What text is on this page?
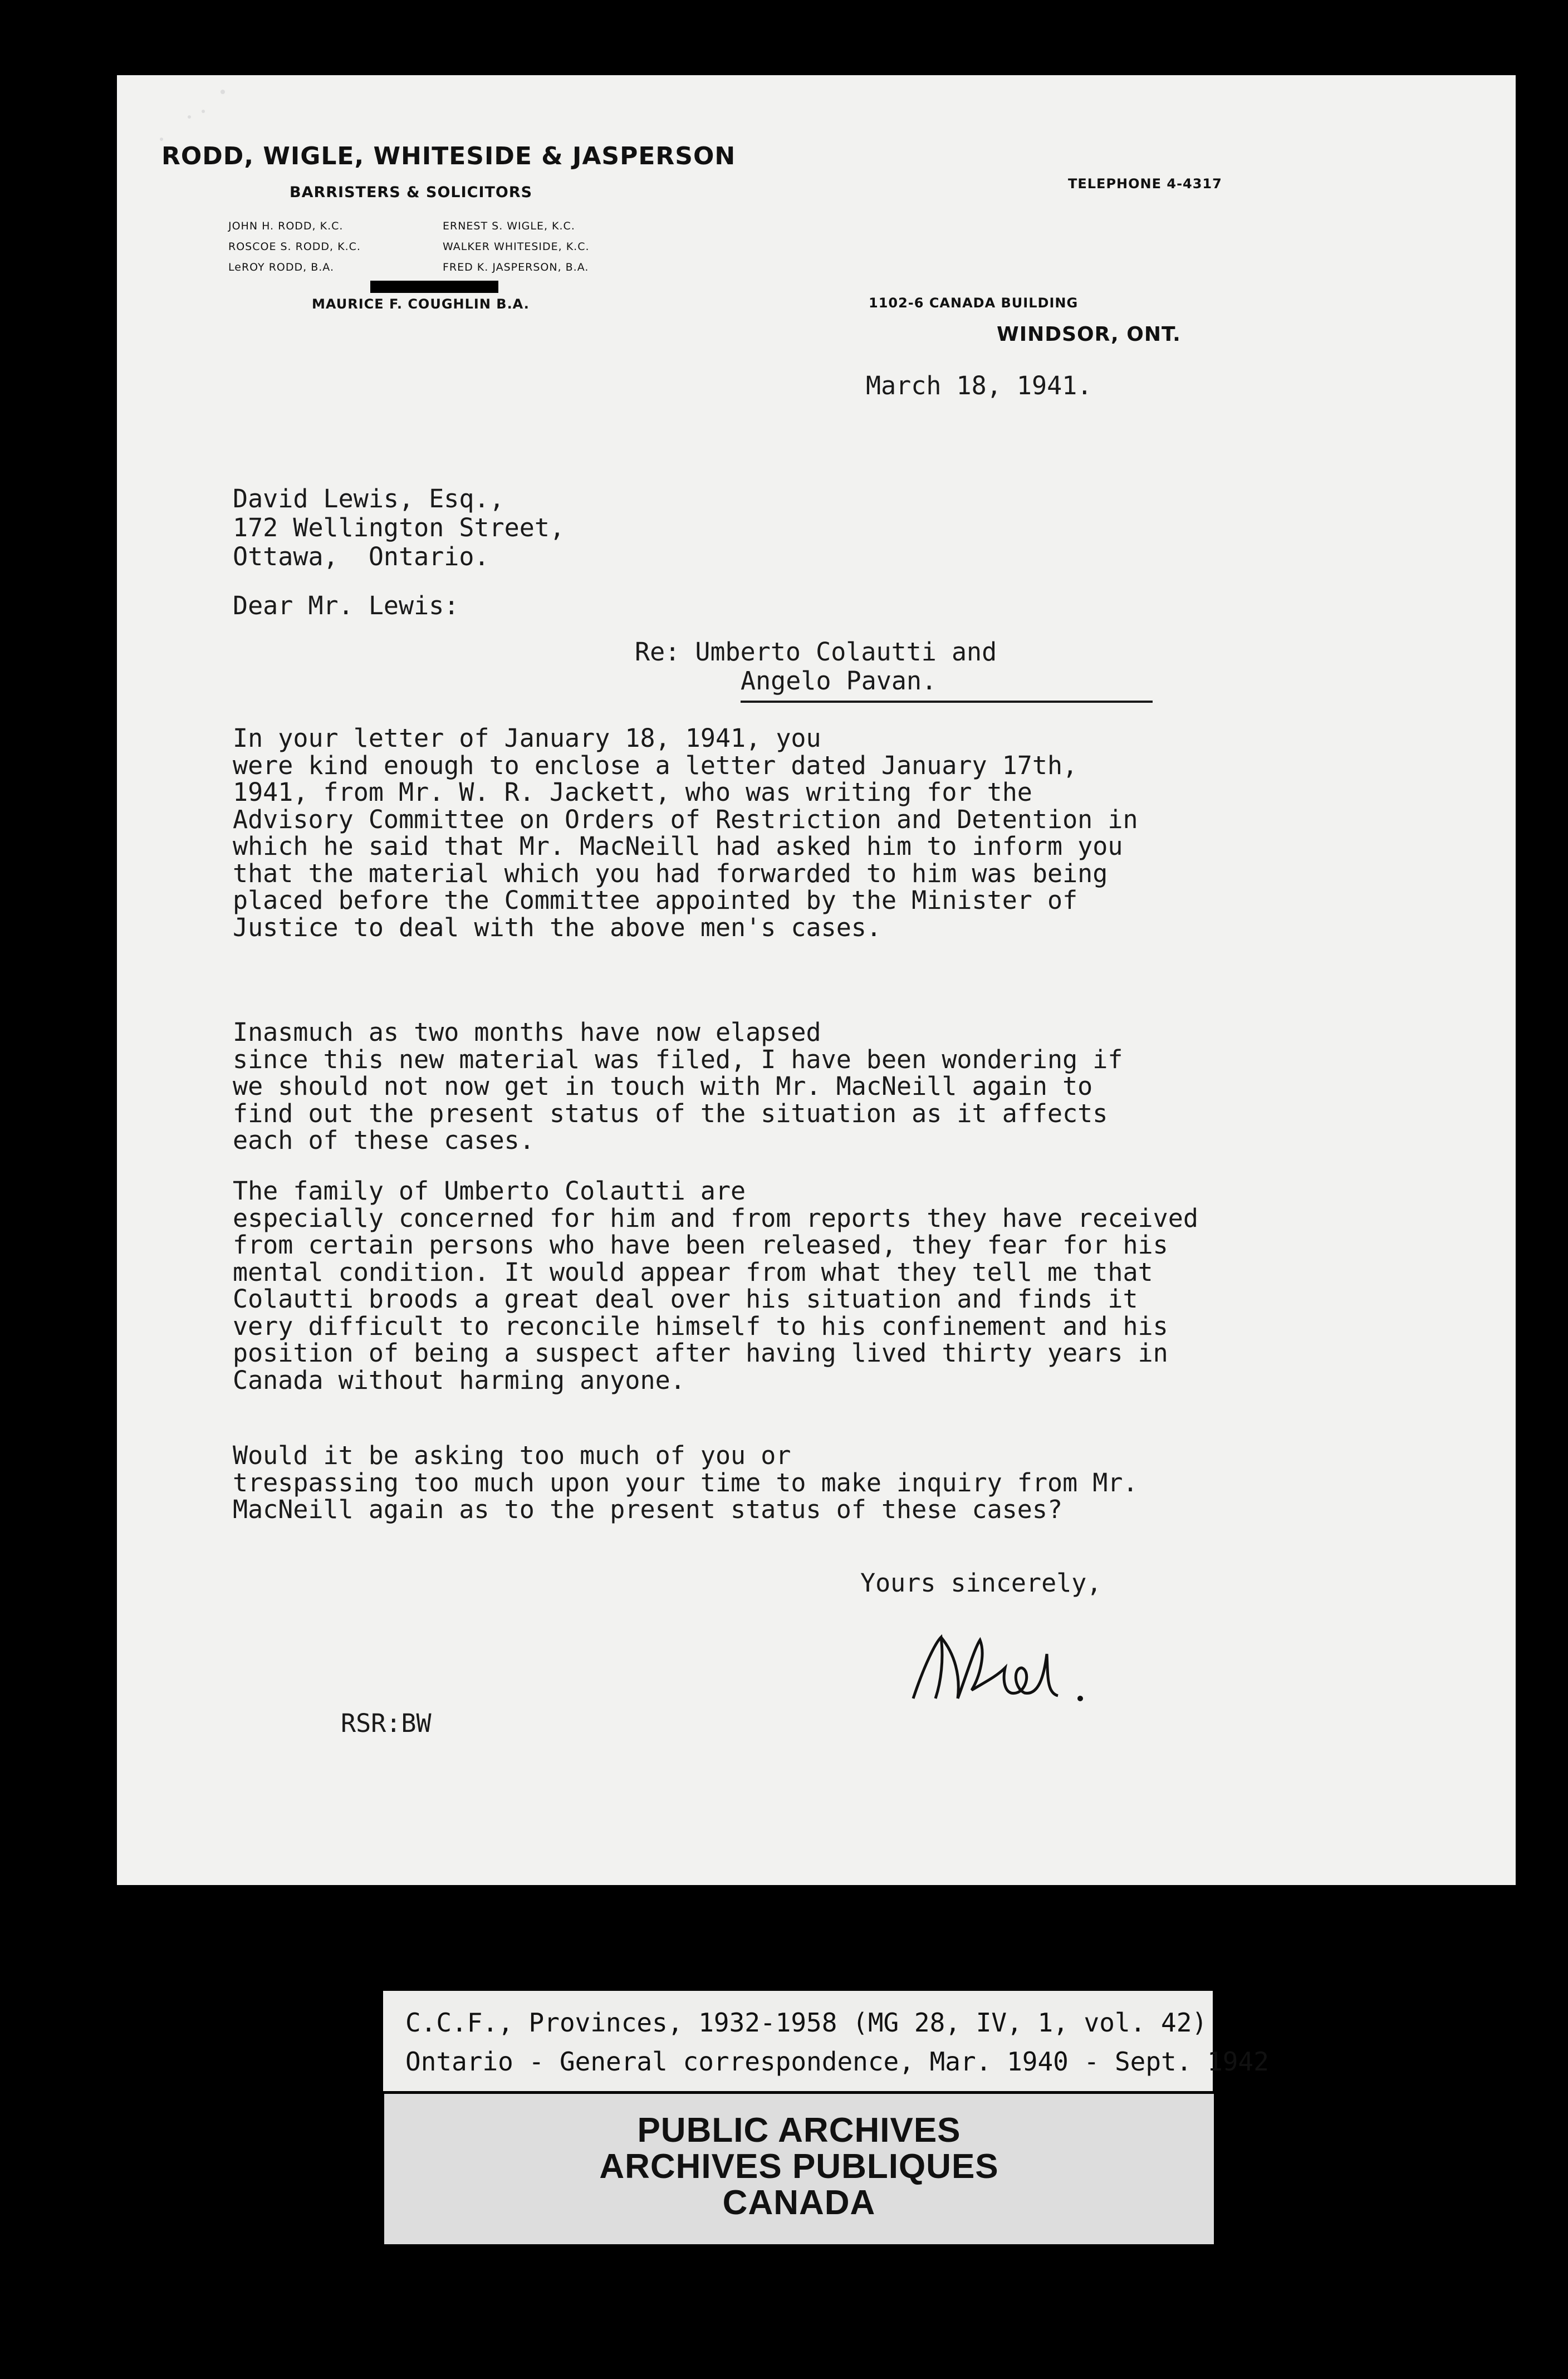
RODD, WIGLE, WHITESIDE & JASPERSON
BARRISTERS & SOLICITORS
JOHN H. RODD, K.C.
ROSCOE S. RODD, K.C.
LeROY RODD, B.A.
ERNEST S. WIGLE, K.C.
WALKER WHITESIDE, K.C.
FRED K. JASPERSON, B.A.
MAURICE F. COUGHLIN B.A.
TELEPHONE 4-4317
1102-6 CANADA BUILDING
WINDSOR, ONT.
March 18, 1941.
David Lewis, Esq.,
172 Wellington Street,
Ottawa,  Ontario.
Dear Mr. Lewis:
Re: Umberto Colautti and
Angelo Pavan.
In your letter of January 18, 1941, you
were kind enough to enclose a letter dated January 17th,
1941, from Mr. W. R. Jackett, who was writing for the
Advisory Committee on Orders of Restriction and Detention in
which he said that Mr. MacNeill had asked him to inform you
that the material which you had forwarded to him was being
placed before the Committee appointed by the Minister of
Justice to deal with the above men's cases.
Inasmuch as two months have now elapsed
since this new material was filed, I have been wondering if
we should not now get in touch with Mr. MacNeill again to
find out the present status of the situation as it affects
each of these cases.
The family of Umberto Colautti are
especially concerned for him and from reports they have received
from certain persons who have been released, they fear for his
mental condition. It would appear from what they tell me that
Colautti broods a great deal over his situation and finds it
very difficult to reconcile himself to his confinement and his
position of being a suspect after having lived thirty years in
Canada without harming anyone.
Would it be asking too much of you or
trespassing too much upon your time to make inquiry from Mr.
MacNeill again as to the present status of these cases?
Yours sincerely,
RSR:BW
C.C.F., Provinces, 1932-1958 (MG 28, IV, 1, vol. 42)
Ontario - General correspondence, Mar. 1940 - Sept. 1942
PUBLIC ARCHIVES
ARCHIVES PUBLIQUES
CANADA
